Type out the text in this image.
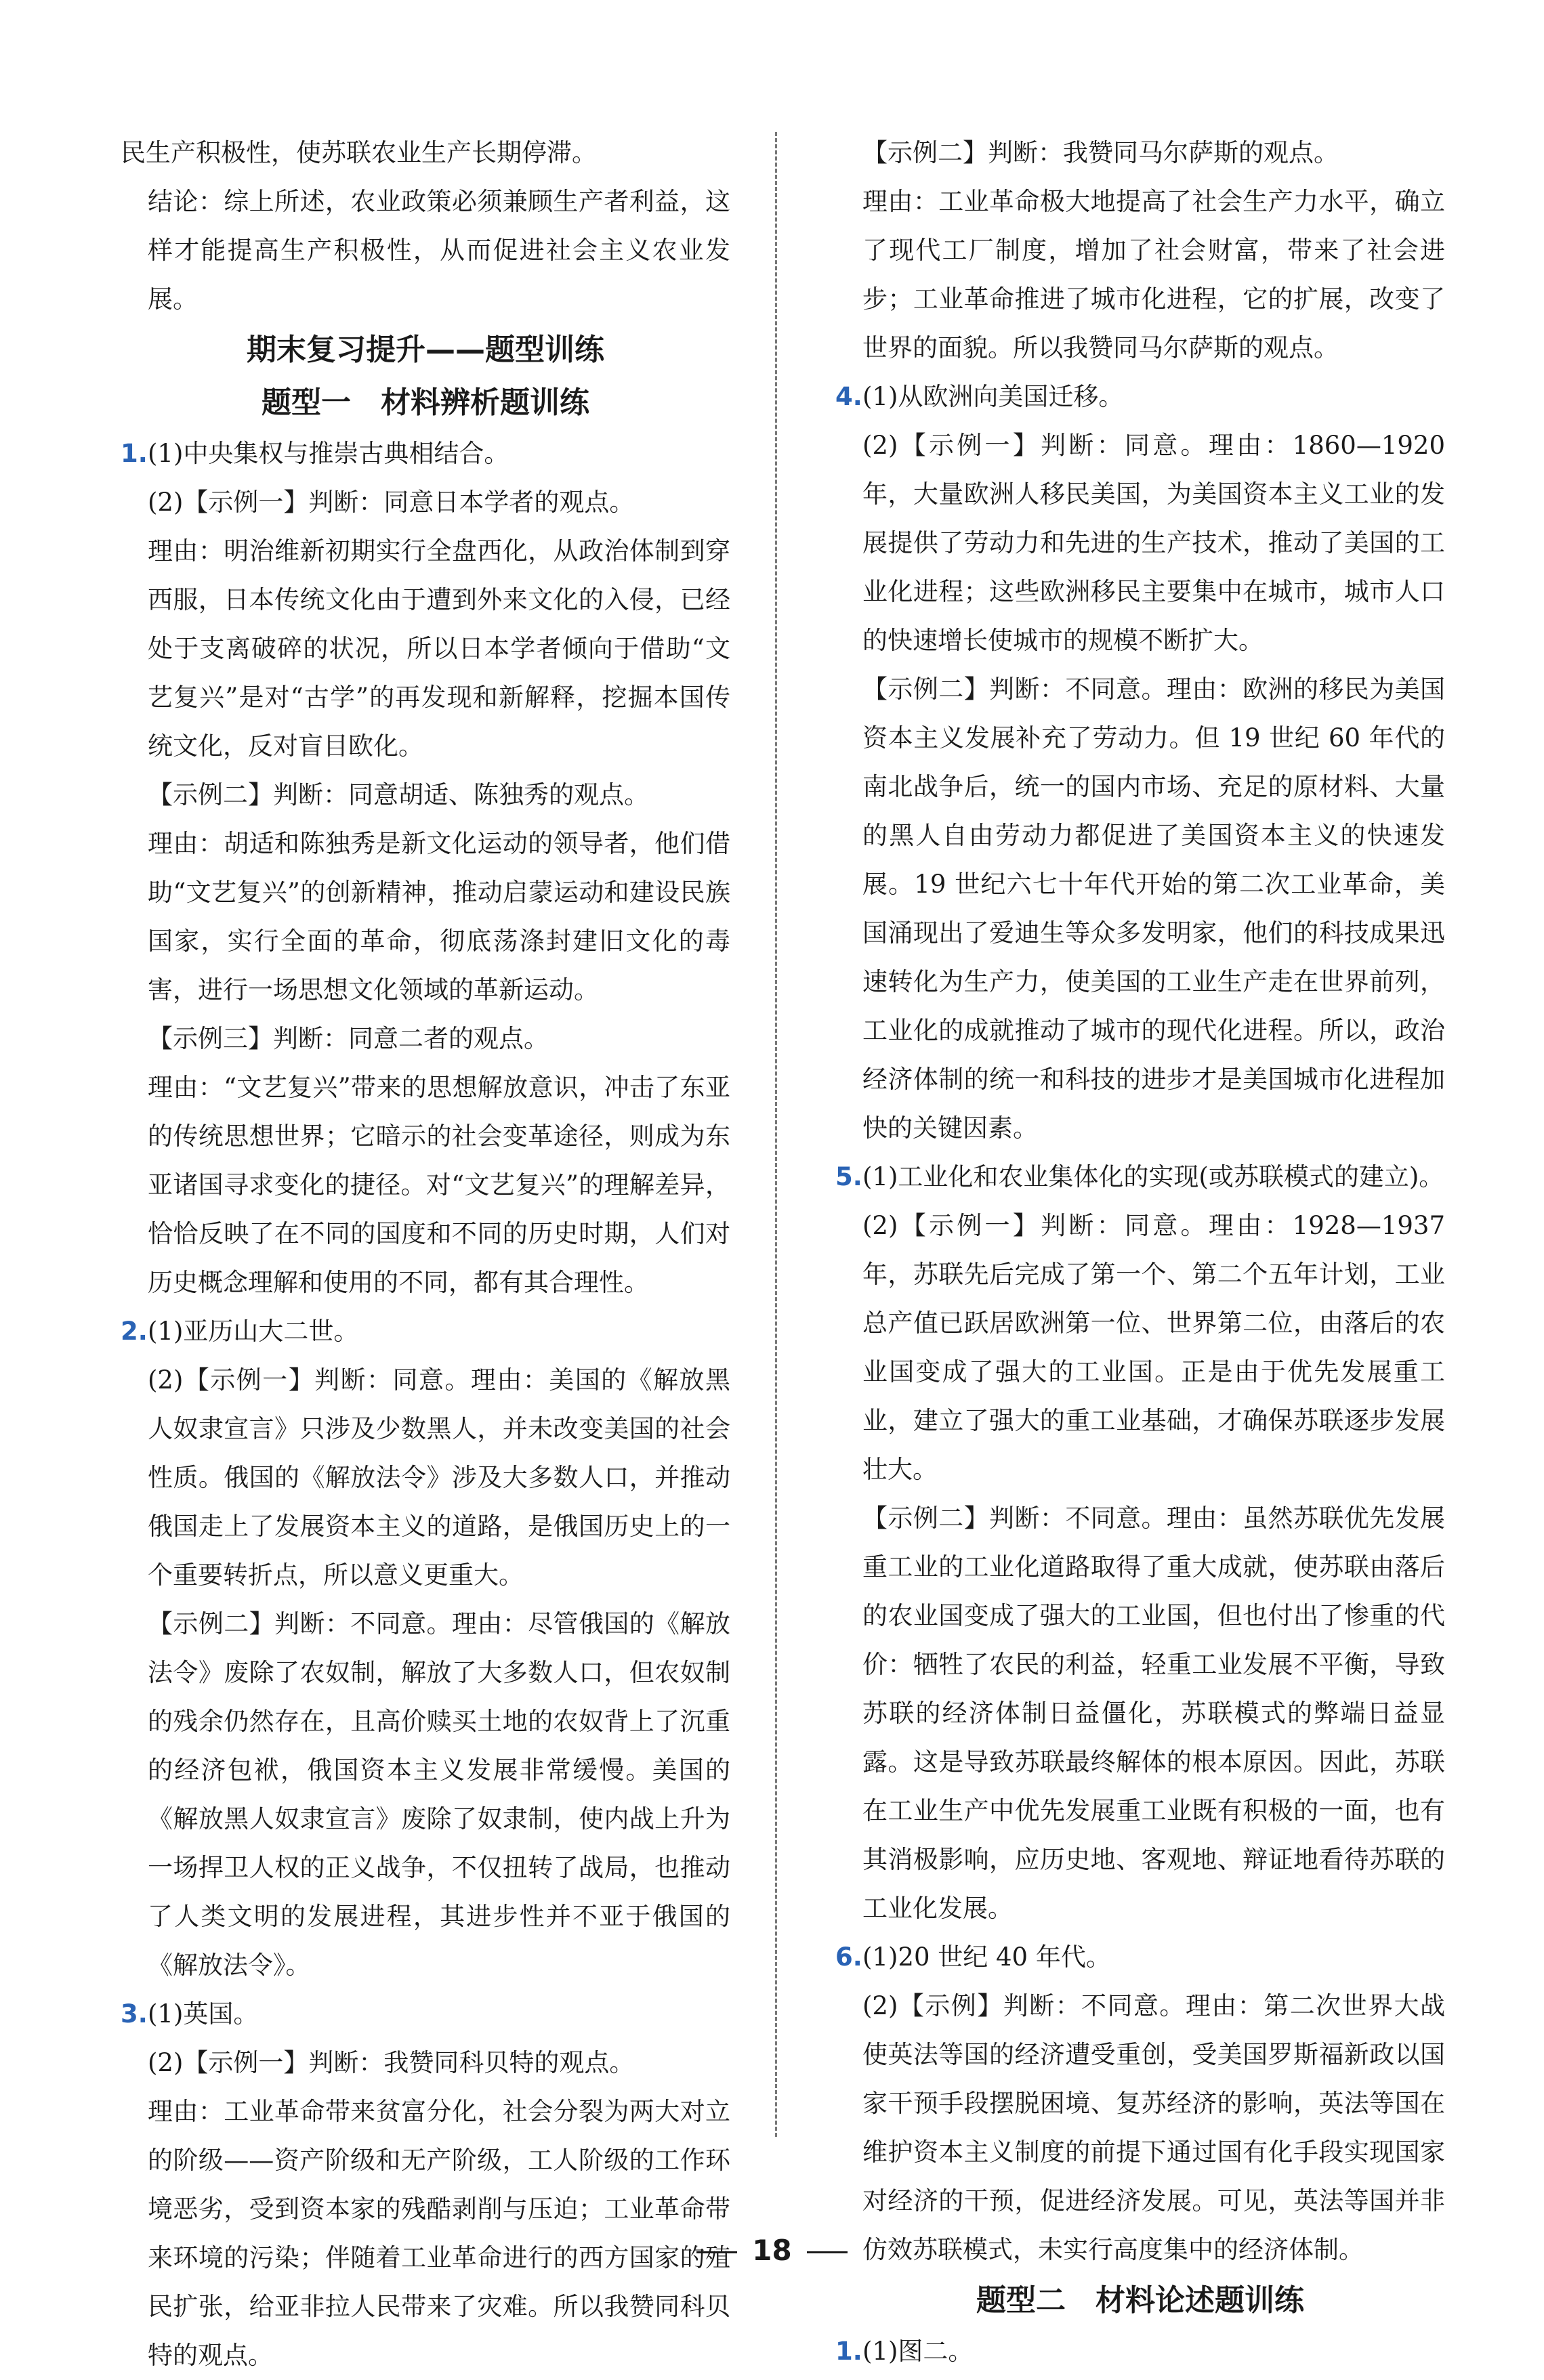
民生产积极性，使苏联农业生产长期停滞。

结论：综上所述，农业政策必须兼顾生产者利益，这样才能提高生产积极性，从而促进社会主义农业发展。

期末复习提升——题型训练

题型一　材料辨析题训练

1.(1)中央集权与推崇古典相结合。

(2)【示例一】判断：同意日本学者的观点。

理由：明治维新初期实行全盘西化，从政治体制到穿西服，日本传统文化由于遭到外来文化的入侵，已经处于支离破碎的状况，所以日本学者倾向于借助“文艺复兴”是对“古学”的再发现和新解释，挖掘本国传统文化，反对盲目欧化。

【示例二】判断：同意胡适、陈独秀的观点。

理由：胡适和陈独秀是新文化运动的领导者，他们借助“文艺复兴”的创新精神，推动启蒙运动和建设民族国家，实行全面的革命，彻底荡涤封建旧文化的毒害，进行一场思想文化领域的革新运动。

【示例三】判断：同意二者的观点。

理由：“文艺复兴”带来的思想解放意识，冲击了东亚的传统思想世界；它暗示的社会变革途径，则成为东亚诸国寻求变化的捷径。对“文艺复兴”的理解差异，恰恰反映了在不同的国度和不同的历史时期，人们对历史概念理解和使用的不同，都有其合理性。

2.(1)亚历山大二世。

(2)【示例一】判断：同意。理由：美国的《解放黑人奴隶宣言》只涉及少数黑人，并未改变美国的社会性质。俄国的《解放法令》涉及大多数人口，并推动俄国走上了发展资本主义的道路，是俄国历史上的一个重要转折点，所以意义更重大。

【示例二】判断：不同意。理由：尽管俄国的《解放法令》废除了农奴制，解放了大多数人口，但农奴制的残余仍然存在，且高价赎买土地的农奴背上了沉重的经济包袱，俄国资本主义发展非常缓慢。美国的《解放黑人奴隶宣言》废除了奴隶制，使内战上升为一场捍卫人权的正义战争，不仅扭转了战局，也推动了人类文明的发展进程，其进步性并不亚于俄国的《解放法令》。

3.(1)英国。

(2)【示例一】判断：我赞同科贝特的观点。

理由：工业革命带来贫富分化，社会分裂为两大对立的阶级——资产阶级和无产阶级，工人阶级的工作环境恶劣，受到资本家的残酷剥削与压迫；工业革命带来环境的污染；伴随着工业革命进行的西方国家的殖民扩张，给亚非拉人民带来了灾难。所以我赞同科贝特的观点。

【示例二】判断：我赞同马尔萨斯的观点。

理由：工业革命极大地提高了社会生产力水平，确立了现代工厂制度，增加了社会财富，带来了社会进步；工业革命推进了城市化进程，它的扩展，改变了世界的面貌。所以我赞同马尔萨斯的观点。

4.(1)从欧洲向美国迁移。

(2)【示例一】判断：同意。理由：1860—1920 年，大量欧洲人移民美国，为美国资本主义工业的发展提供了劳动力和先进的生产技术，推动了美国的工业化进程；这些欧洲移民主要集中在城市，城市人口的快速增长使城市的规模不断扩大。

【示例二】判断：不同意。理由：欧洲的移民为美国资本主义发展补充了劳动力。但 19 世纪 60 年代的南北战争后，统一的国内市场、充足的原材料、大量的黑人自由劳动力都促进了美国资本主义的快速发展。19 世纪六七十年代开始的第二次工业革命，美国涌现出了爱迪生等众多发明家，他们的科技成果迅速转化为生产力，使美国的工业生产走在世界前列，工业化的成就推动了城市的现代化进程。所以，政治经济体制的统一和科技的进步才是美国城市化进程加快的关键因素。

5.(1)工业化和农业集体化的实现(或苏联模式的建立)。

(2)【示例一】判断：同意。理由：1928—1937 年，苏联先后完成了第一个、第二个五年计划，工业总产值已跃居欧洲第一位、世界第二位，由落后的农业国变成了强大的工业国。正是由于优先发展重工业，建立了强大的重工业基础，才确保苏联逐步发展壮大。

【示例二】判断：不同意。理由：虽然苏联优先发展重工业的工业化道路取得了重大成就，使苏联由落后的农业国变成了强大的工业国，但也付出了惨重的代价：牺牲了农民的利益，轻重工业发展不平衡，导致苏联的经济体制日益僵化，苏联模式的弊端日益显露。这是导致苏联最终解体的根本原因。因此，苏联在工业生产中优先发展重工业既有积极的一面，也有其消极影响，应历史地、客观地、辩证地看待苏联的工业化发展。

6.(1)20 世纪 40 年代。

(2)【示例】判断：不同意。理由：第二次世界大战使英法等国的经济遭受重创，受美国罗斯福新政以国家干预手段摆脱困境、复苏经济的影响，英法等国在维护资本主义制度的前提下通过国有化手段实现国家对经济的干预，促进经济发展。可见，英法等国并非仿效苏联模式，未实行高度集中的经济体制。

题型二　材料论述题训练

1.(1)图二。

18
